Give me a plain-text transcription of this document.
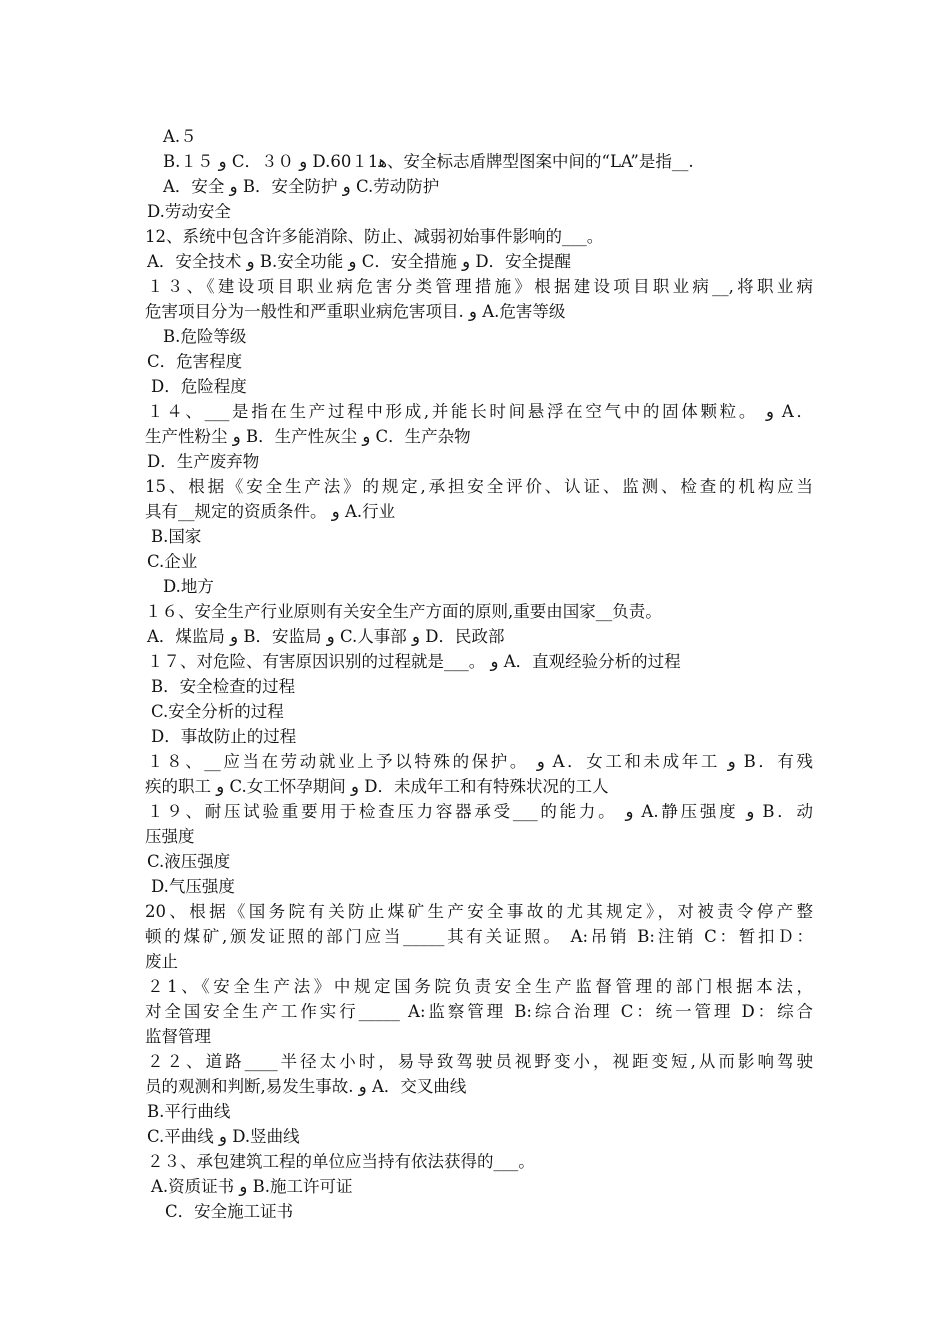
A.５
B.１５ و C．３０ و D.60１1ﻫ、安全标志盾牌型图案中间的“LA”是指__.
A．安全 و B．安全防护 و C.劳动防护
D.劳动安全
12、系统中包含许多能消除、防止、减弱初始事件影响的___。
A．安全技术 و B.安全功能 و C．安全措施 و D．安全提醒
１３、《建设项目职业病危害分类管理措施》根据建设项目职业病__,将职业病
危害项目分为一般性和严重职业病危害项目. و A.危害等级
B.危险等级
C．危害程度
D．危险程度
１４、___是指在生产过程中形成,并能长时间悬浮在空气中的固体颗粒。 و A．
生产性粉尘 و B．生产性灰尘 و C．生产杂物
D．生产废弃物
15、根据《安全生产法》的规定,承担安全评价、认证、监测、检查的机构应当
具有__规定的资质条件。 و A.行业
B.国家
C.企业
D.地方
１６、安全生产行业原则有关安全生产方面的原则,重要由国家__负责。
A．煤监局 و B．安监局 و C.人事部 و D．民政部
１７、对危险、有害原因识别的过程就是___。 و A．直观经验分析的过程
B．安全检查的过程
C.安全分析的过程
D．事故防止的过程
１８、__应当在劳动就业上予以特殊的保护。 و A．女工和未成年工 و B．有残
疾的职工 و C.女工怀孕期间 و D．未成年工和有特殊状况的工人
１９、耐压试验重要用于检查压力容器承受___的能力。 و A.静压强度 و B．动
压强度
C.液压强度
D.气压强度
20、根据《国务院有关防止煤矿生产安全事故的尤其规定》，对被责令停产整
顿的煤矿,颁发证照的部门应当_____其有关证照。 A:吊销 B:注销 C：暂扣Ｄ：
废止
２1、《安全生产法》中规定国务院负责安全生产监督管理的部门根据本法，
对全国安全生产工作实行_____ A:监察管理 B:综合治理 C：统一管理 D：综合
监督管理
２２、道路____半径太小时，易导致驾驶员视野变小，视距变短,从而影响驾驶
员的观测和判断,易发生事故. و A．交叉曲线
B.平行曲线
C.平曲线 و D.竖曲线
２３、承包建筑工程的单位应当持有依法获得的___。
A.资质证书 و B.施工许可证
C．安全施工证书
